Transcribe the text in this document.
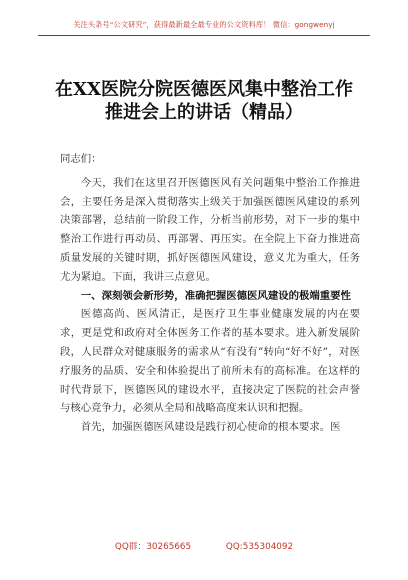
关注头条号“公文研究”，获得最新最全最专业的公文资料库！ 微信：gongwenyj
在XX医院分院医德医风集中整治工作
推进会上的讲话（精品）

同志们：

今天，我们在这里召开医德医风有关问题集中整治工作推进会，主要任务是深入贯彻落实上级关于加强医德医风建设的系列决策部署，总结前一阶段工作，分析当前形势，对下一步的集中整治工作进行再动员、再部署、再压实。在全院上下奋力推进高质量发展的关键时期，抓好医德医风建设，意义尤为重大，任务尤为紧迫。下面，我讲三点意见。

一、深刻领会新形势，准确把握医德医风建设的极端重要性

医德高尚、医风清正，是医疗卫生事业健康发展的内在要求，更是党和政府对全体医务工作者的基本要求。进入新发展阶段，人民群众对健康服务的需求从“有没有”转向“好不好”，对医疗服务的品质、安全和体验提出了前所未有的高标准。在这样的时代背景下，医德医风的建设水平，直接决定了医院的社会声誉与核心竞争力，必须从全局和战略高度来认识和把握。

首先，加强医德医风建设是践行初心使命的根本要求。医

QQ群：30265665	QQ:535304092
